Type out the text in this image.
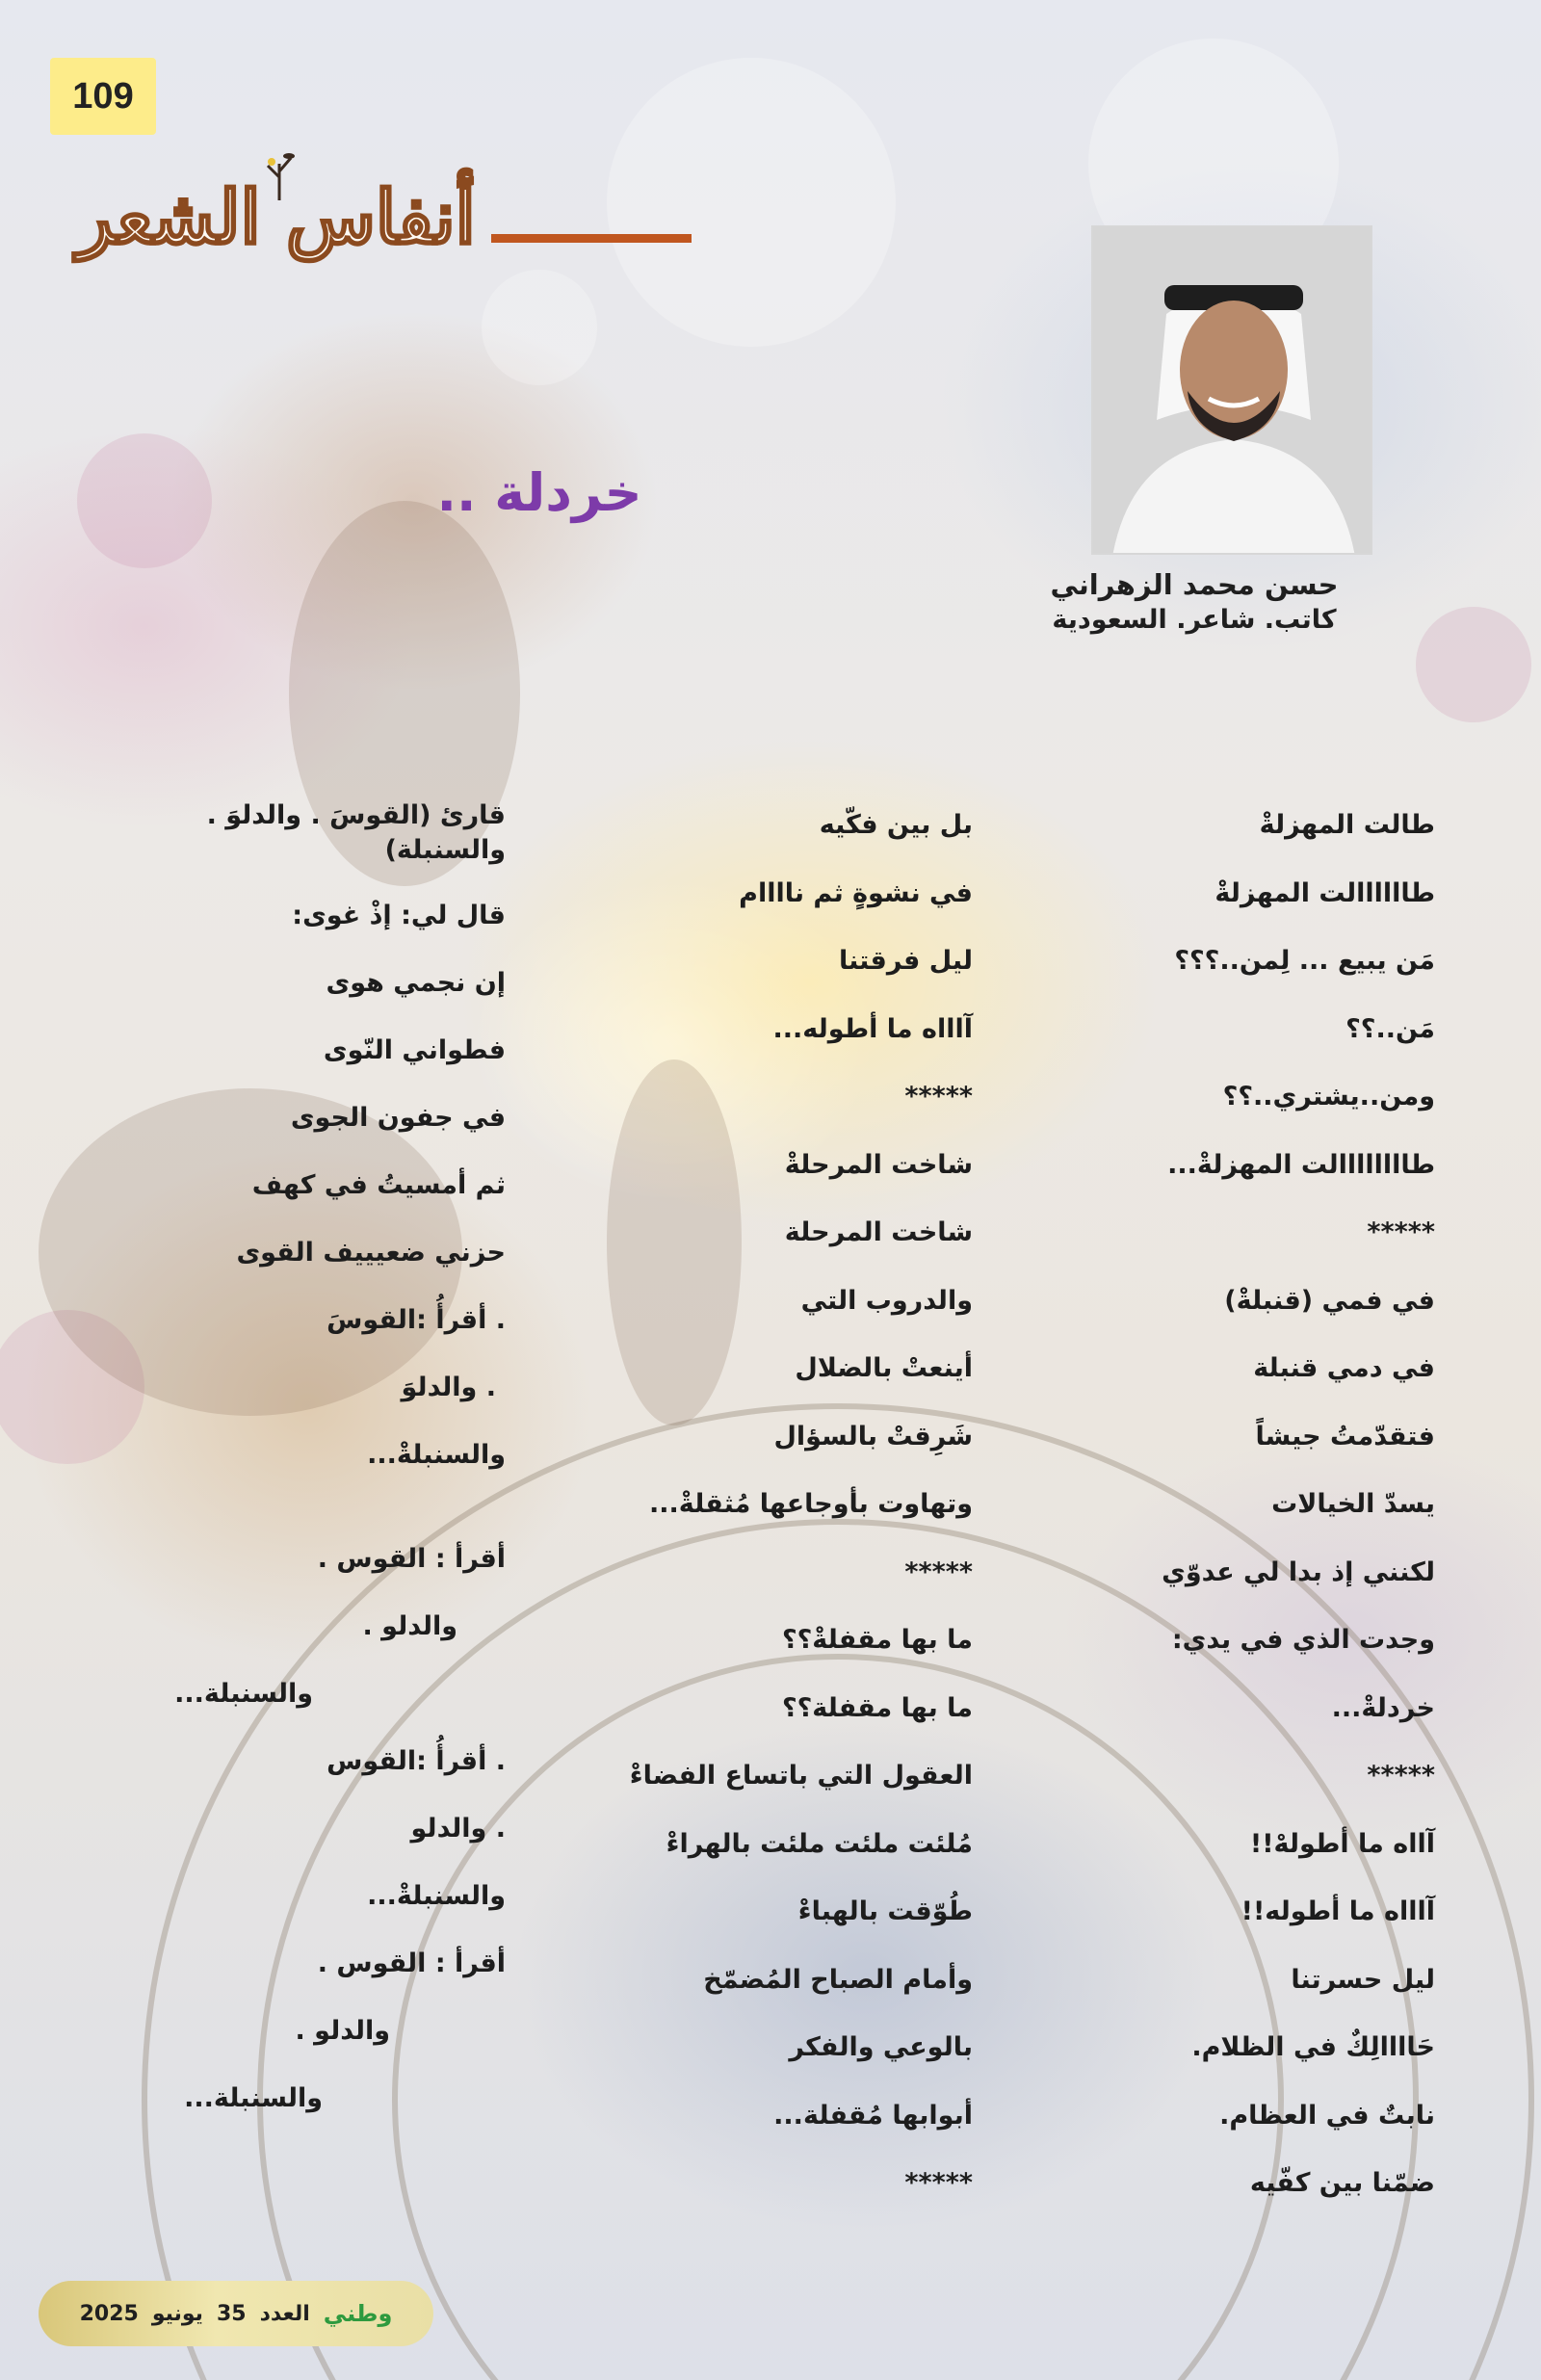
109
أنفاس الشعر
خردلة ..
حسن محمد الزهراني
كاتب. شاعر. السعودية
طالت المهزلةْ
طاااااالت المهزلةْ
مَن يبيع ... لِمن..؟؟؟
مَن..؟؟
ومن..يشتري..؟؟
طاااااااالت المهزلةْ...
*****
في فمي (قنبلةْ)
في دمي قنبلة
فتقدّمتُ جيشاً
يسدّ الخيالات
لكنني إذ بدا لي عدوّي
وجدت الذي في يدي:
خردلةْ...
*****
آااه ما أطولهْ!!
آاااه ما أطوله!!
ليل حسرتنا
حَاااالِكٌ في الظلام.
نابتٌ في العظام.
ضمّنا بين كفّيه
بل بين فكّيه
في نشوةٍ ثم ناااام
ليل فرقتنا
آاااه ما أطوله...
*****
شاخت المرحلةْ
شاخت المرحلة
والدروب التي
أينعتْ بالضلال
شَرِقتْ بالسؤال
وتهاوت بأوجاعها مُثقلةْ...
*****
ما بها مقفلةْ؟؟
ما بها مقفلة؟؟
العقول التي باتساع الفضاءْ
مُلئت ملئت ملئت بالهراءْ
طُوّقت بالهباءْ
وأمام الصباح المُضمّخ
بالوعي والفكر
أبوابها مُقفلة...
*****
قارئ (القوسَ . والدلوَ . والسنبلة)
قال لي: إذْ غوى:
إن نجمي هوى
فطواني النّوى
في جفون الجوى
ثم أمسيتُ في كهف
حزني ضعيييف القوى
. أقرأُ :القوسَ
. والدلوَ
والسنبلةْ...
أقرأ : القوس .
والدلو .
والسنبلة...
. أقرأُ :القوس
. والدلو
والسنبلةْ...
أقرأ : القوس .
والدلو .
والسنبلة...
وطني
العدد
35
يونيو
2025
